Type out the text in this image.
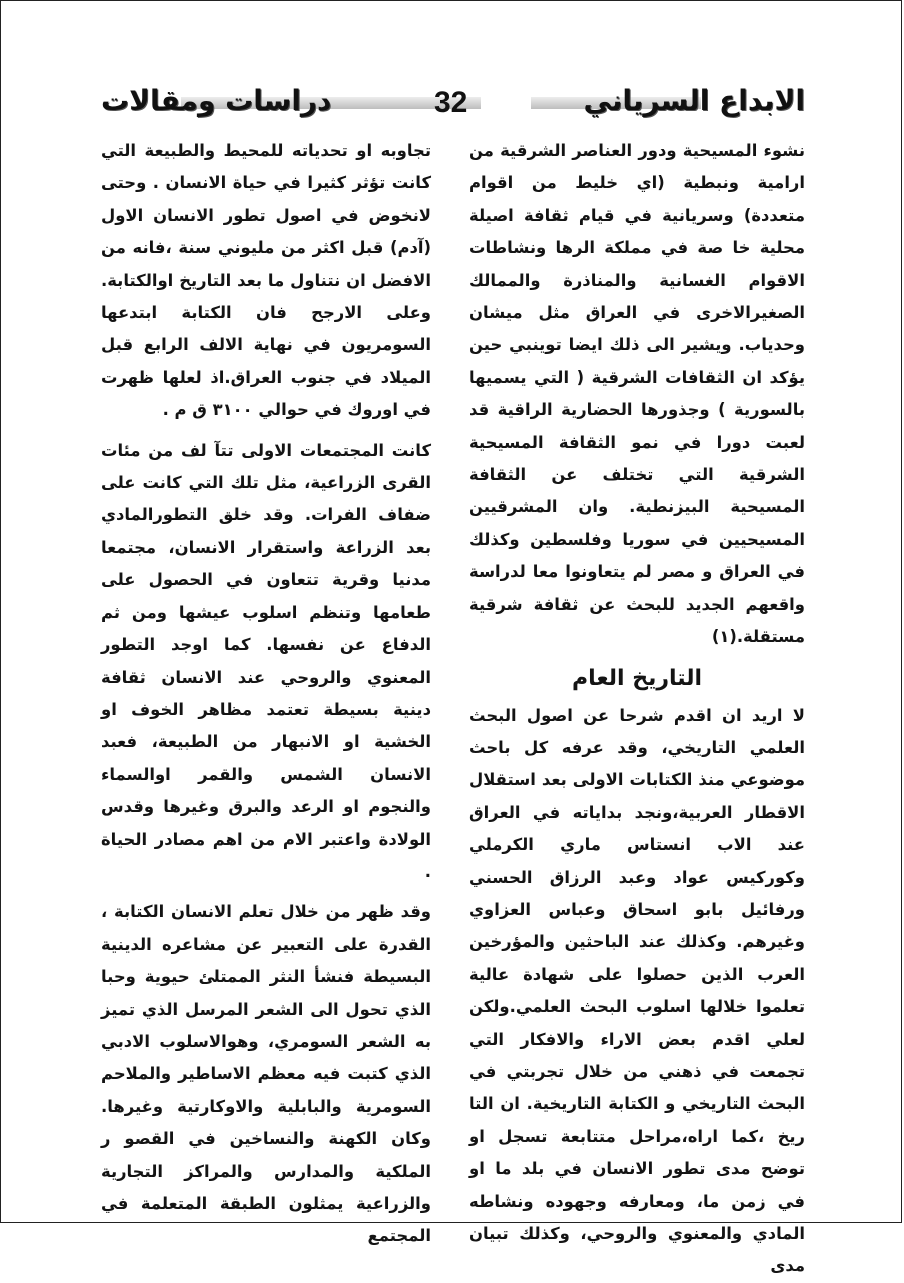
دراسات ومقالات	32	الابداع السرياني

نشوء المسيحية ودور العناصر الشرقية من ارامية ونبطية (اي خليط من اقوام متعددة) وسريانية في قيام ثقافة اصيلة محلية خا صة في مملكة الرها ونشاطات الاقوام الغسانية والمناذرة والممالك الصغيرالاخرى في العراق مثل ميشان وحدياب. ويشير الى ذلك ايضا توينبي حين يؤكد ان الثقافات الشرقية ( التي يسميها بالسورية ) وجذورها الحضارية الراقية قد لعبت دورا في نمو الثقافة المسيحية الشرقية التي تختلف عن الثقافة المسيحية البيزنطية. وان المشرقيين المسيحيين في سوريا وفلسطين وكذلك في العراق و مصر لم يتعاونوا معا لدراسة واقعهم الجديد للبحث عن ثقافة شرقية مستقلة.(١)

التاريخ العام

لا اريد ان اقدم شرحا عن اصول البحث العلمي التاريخي، وقد عرفه كل باحث موضوعي منذ الكتابات الاولى بعد استقلال الاقطار العربية،ونجد بداياته في العراق عند الاب انستاس ماري الكرملي وكوركيس عواد وعبد الرزاق الحسني ورفائيل بابو اسحاق وعباس العزاوي وغيرهم. وكذلك عند الباحثين والمؤرخين العرب الذين حصلوا على شهادة عالية تعلموا خلالها اسلوب البحث العلمي.ولكن لعلي اقدم بعض الاراء والافكار التي تجمعت في ذهني من خلال تجربتي في البحث التاريخي و الكتابة التاريخية. ان التا ريخ ،كما اراه،مراحل متتابعة تسجل او توضح مدى تطور الانسان في بلد ما او في زمن ما، ومعارفه وجهوده ونشاطه المادي والمعنوي والروحي، وكذلك تبيان مدى

تجاوبه او تحدياته للمحيط والطبيعة التي كانت تؤثر كثيرا في حياة الانسان . وحتى لانخوض في اصول تطور الانسان الاول (آدم) قبل اكثر من مليوني سنة ،فانه من الافضل ان نتناول ما بعد التاريخ اوالكتابة. وعلى الارجح فان الكتابة ابتدعها السومريون في نهاية الالف الرابع قبل الميلاد في جنوب العراق.اذ لعلها ظهرت في اوروك في حوالي ٣١٠٠ ق م .

كانت المجتمعات الاولى تتآ لف من مئات القرى الزراعية، مثل تلك التي كانت على ضفاف الفرات. وقد خلق التطورالمادي بعد الزراعة واستقرار الانسان، مجتمعا مدنيا وقرية تتعاون في الحصول على طعامها وتنظم اسلوب عيشها ومن ثم الدفاع عن نفسها. كما اوجد التطور المعنوي والروحي عند الانسان ثقافة دينية بسيطة تعتمد مظاهر الخوف او الخشية او الانبهار من الطبيعة، فعبد الانسان الشمس والقمر اوالسماء والنجوم او الرعد والبرق وغيرها وقدس الولادة واعتبر الام من اهم مصادر الحياة .

وقد ظهر من خلال تعلم الانسان الكتابة ، القدرة على التعبير عن مشاعره الدينية البسيطة فنشأ النثر الممتلئ حيوية وحبا الذي تحول الى الشعر المرسل الذي تميز به الشعر السومري، وهوالاسلوب الادبي الذي كتبت فيه معظم الاساطير والملاحم السومرية والبابلية والاوكارتية وغيرها. وكان الكهنة والنساخين في القصو ر الملكية والمدارس والمراكز التجارية والزراعية يمثلون الطبقة المتعلمة في المجتمع
